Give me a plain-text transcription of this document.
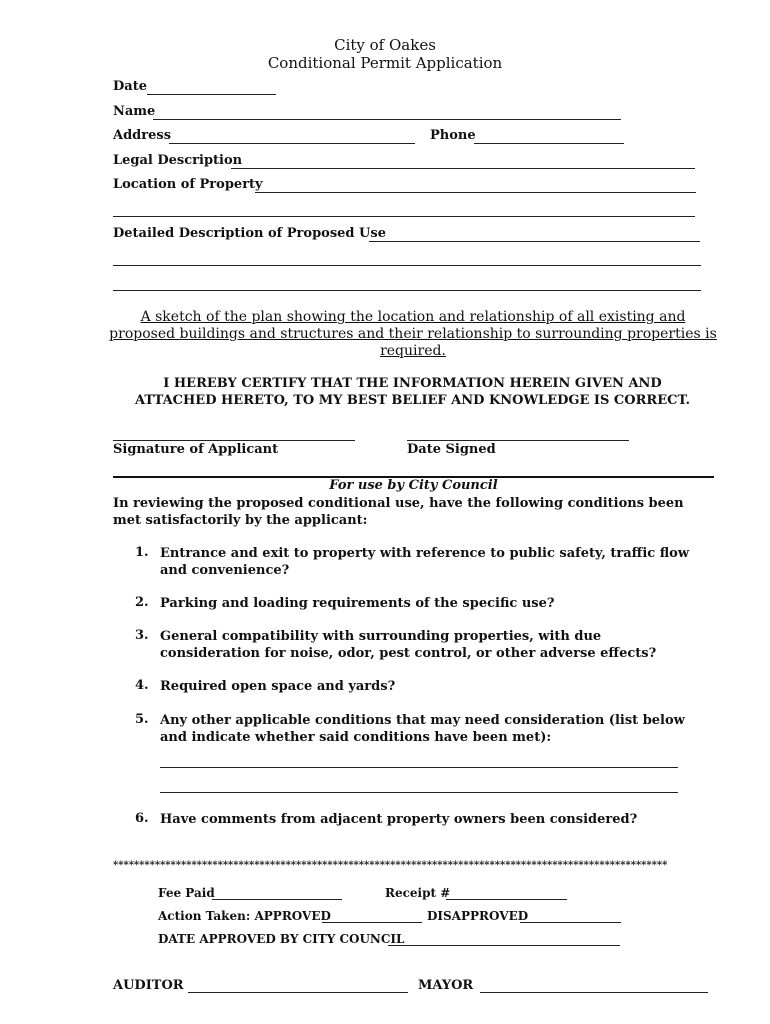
City of Oakes
Conditional Permit Application
Date
Name
Address	Phone
Legal Description
Location of Property
Detailed Description of Proposed Use
A sketch of the plan showing the location and relationship of all existing and proposed buildings and structures and their relationship to surrounding properties is required.
I HEREBY CERTIFY THAT THE INFORMATION HEREIN GIVEN AND ATTACHED HERETO, TO MY BEST BELIEF AND KNOWLEDGE IS CORRECT.
Signature of Applicant	Date Signed
For use by City Council
In reviewing the proposed conditional use, have the following conditions been met satisfactorily by the applicant:
1. Entrance and exit to property with reference to public safety, traffic flow and convenience?
2. Parking and loading requirements of the specific use?
3. General compatibility with surrounding properties, with due consideration for noise, odor, pest control, or other adverse effects?
4. Required open space and yards?
5. Any other applicable conditions that may need consideration (list below and indicate whether said conditions have been met):
6. Have comments from adjacent property owners been considered?
**********************************************************************************************************
Fee Paid	Receipt #
Action Taken: APPROVED	DISAPPROVED
DATE APPROVED BY CITY COUNCIL
AUDITOR	MAYOR
